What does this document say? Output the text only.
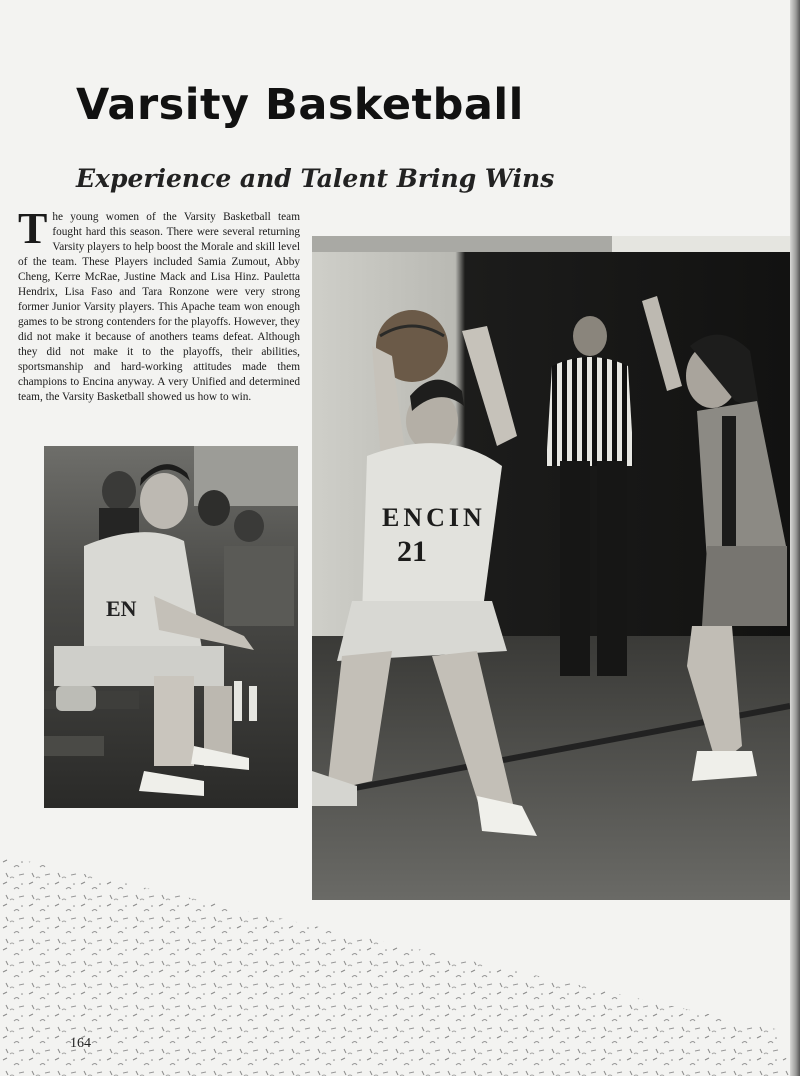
Varsity Basketball
Experience and Talent Bring Wins

The young women of the Varsity Basketball team fought hard this season. There were several returning Varsity players to help boost the Morale and skill level of the team. These Players included Samia Zumout, Abby Cheng, Kerre McRae, Justine Mack and Lisa Hinz. Pauletta Hendrix, Lisa Faso and Tara Ronzone were very strong former Junior Varsity players. This Apache team won enough games to be strong contenders for the playoffs. However, they did not make it because of anothers teams defeat. Although they did not make it to the playoffs, their abilities, sportsmanship and hard-working attitudes made them champions to Encina anyway. A very Unified and determined team, the Varsity Basketball showed us how to win.

EN
ENCIN
21
164
